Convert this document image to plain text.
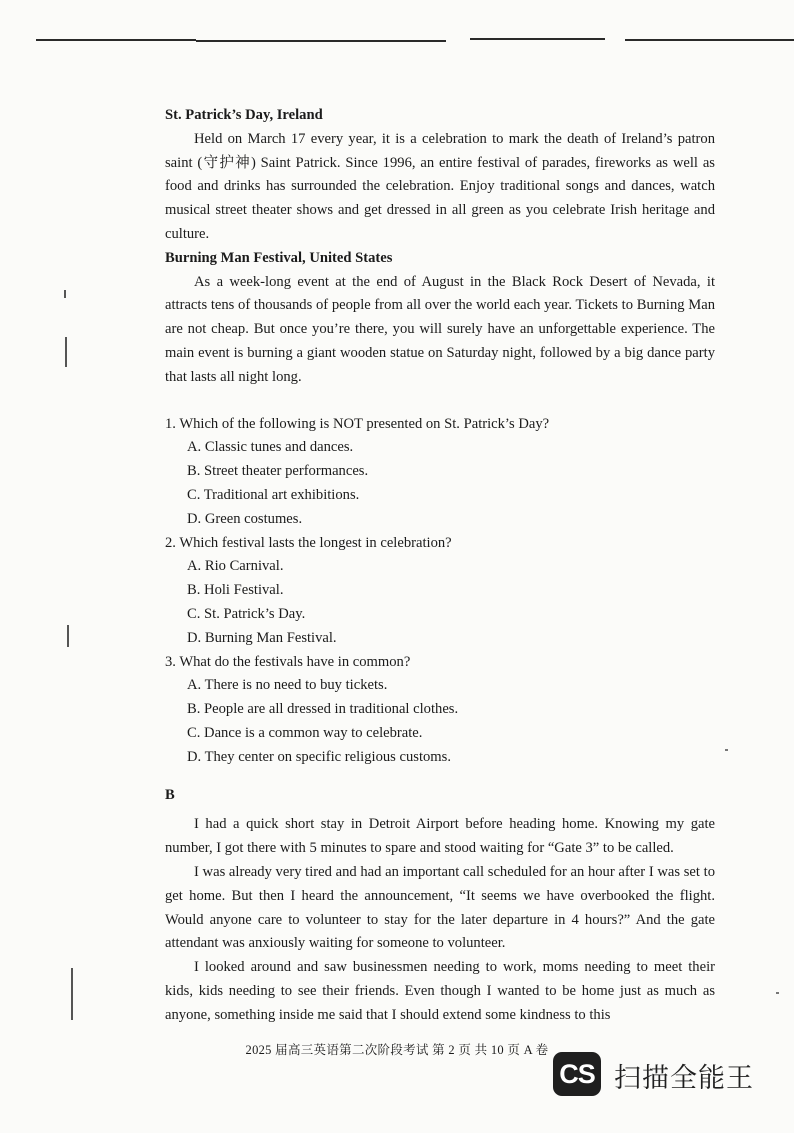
St. Patrick’s Day, Ireland

Held on March 17 every year, it is a celebration to mark the death of Ireland’s patron saint (守护神) Saint Patrick. Since 1996, an entire festival of parades, fireworks as well as food and drinks has surrounded the celebration. Enjoy traditional songs and dances, watch musical street theater shows and get dressed in all green as you celebrate Irish heritage and culture.

Burning Man Festival, United States

As a week-long event at the end of August in the Black Rock Desert of Nevada, it attracts tens of thousands of people from all over the world each year. Tickets to Burning Man are not cheap. But once you’re there, you will surely have an unforgettable experience. The main event is burning a giant wooden statue on Saturday night, followed by a big dance party that lasts all night long.

1. Which of the following is NOT presented on St. Patrick’s Day?

A. Classic tunes and dances.

B. Street theater performances.

C. Traditional art exhibitions.

D. Green costumes.

2. Which festival lasts the longest in celebration?

A. Rio Carnival.

B. Holi Festival.

C. St. Patrick’s Day.

D. Burning Man Festival.

3. What do the festivals have in common?

A. There is no need to buy tickets.

B. People are all dressed in traditional clothes.

C. Dance is a common way to celebrate.

D. They center on specific religious customs.

B

I had a quick short stay in Detroit Airport before heading home. Knowing my gate number, I got there with 5 minutes to spare and stood waiting for “Gate 3” to be called.

I was already very tired and had an important call scheduled for an hour after I was set to get home. But then I heard the announcement, “It seems we have overbooked the flight. Would anyone care to volunteer to stay for the later departure in 4 hours?” And the gate attendant was anxiously waiting for someone to volunteer.

I looked around and saw businessmen needing to work, moms needing to meet their kids, kids needing to see their friends. Even though I wanted to be home just as much as anyone, something inside me said that I should extend some kindness to this

2025 届高三英语第二次阶段考试 第 2 页 共 10 页 A 卷
CS 扫描全能王
